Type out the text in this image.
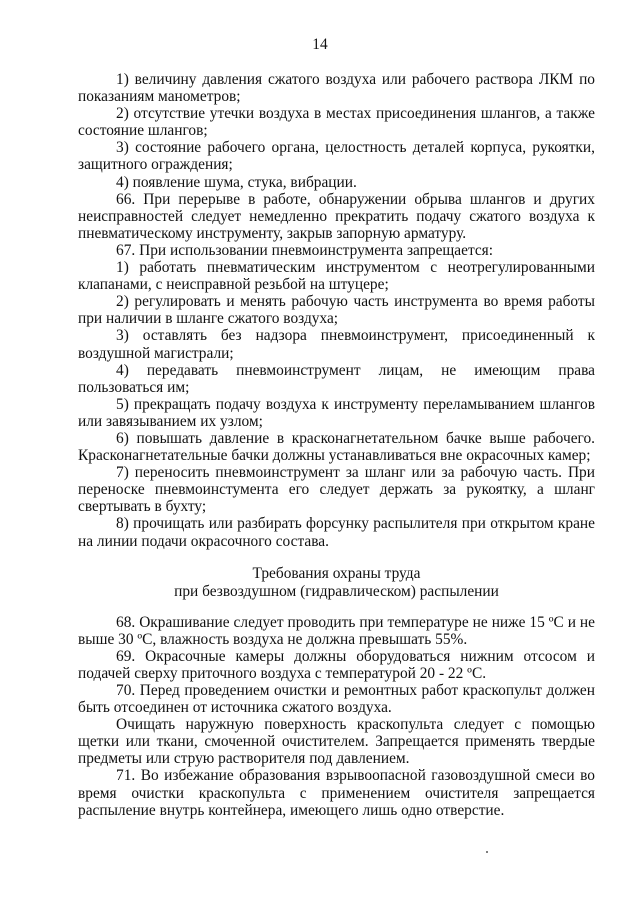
14

1) величину давления сжатого воздуха или рабочего раствора ЛКМ по показаниям манометров;

2) отсутствие утечки воздуха в местах присоединения шлангов, а также состояние шлангов;

3) состояние рабочего органа, целостность деталей корпуса, рукоятки, защитного ограждения;

4) появление шума, стука, вибрации.

66. При перерыве в работе, обнаружении обрыва шлангов и других неисправностей следует немедленно прекратить подачу сжатого воздуха к пневматическому инструменту, закрыв запорную арматуру.

67. При использовании пневмоинструмента запрещается:

1) работать пневматическим инструментом с неотрегулированными клапанами, с неисправной резьбой на штуцере;

2) регулировать и менять рабочую часть инструмента во время работы при наличии в шланге сжатого воздуха;

3) оставлять без надзора пневмоинструмент, присоединенный к воздушной магистрали;

4) передавать пневмоинструмент лицам, не имеющим права пользоваться им;

5) прекращать подачу воздуха к инструменту переламыванием шлангов или завязыванием их узлом;

6) повышать давление в красконагнетательном бачке выше рабочего. Красконагнетательные бачки должны устанавливаться вне окрасочных камер;

7) переносить пневмоинструмент за шланг или за рабочую часть. При переноске пневмоинстумента его следует держать за рукоятку, а шланг свертывать в бухту;

8) прочищать или разбирать форсунку распылителя при открытом кране на линии подачи окрасочного состава.

Требования охраны труда
при безвоздушном (гидравлическом) распылении

68. Окрашивание следует проводить при температуре не ниже 15 ºС и не выше 30 ºС, влажность воздуха не должна превышать 55%.

69. Окрасочные камеры должны оборудоваться нижним отсосом и подачей сверху приточного воздуха с температурой 20 - 22 ºС.

70. Перед проведением очистки и ремонтных работ краскопульт должен быть отсоединен от источника сжатого воздуха.

Очищать наружную поверхность краскопульта следует с помощью щетки или ткани, смоченной очистителем. Запрещается применять твердые предметы или струю растворителя под давлением.

71. Во избежание образования взрывоопасной газовоздушной смеси во время очистки краскопульта с применением очистителя запрещается распыление внутрь контейнера, имеющего лишь одно отверстие.
